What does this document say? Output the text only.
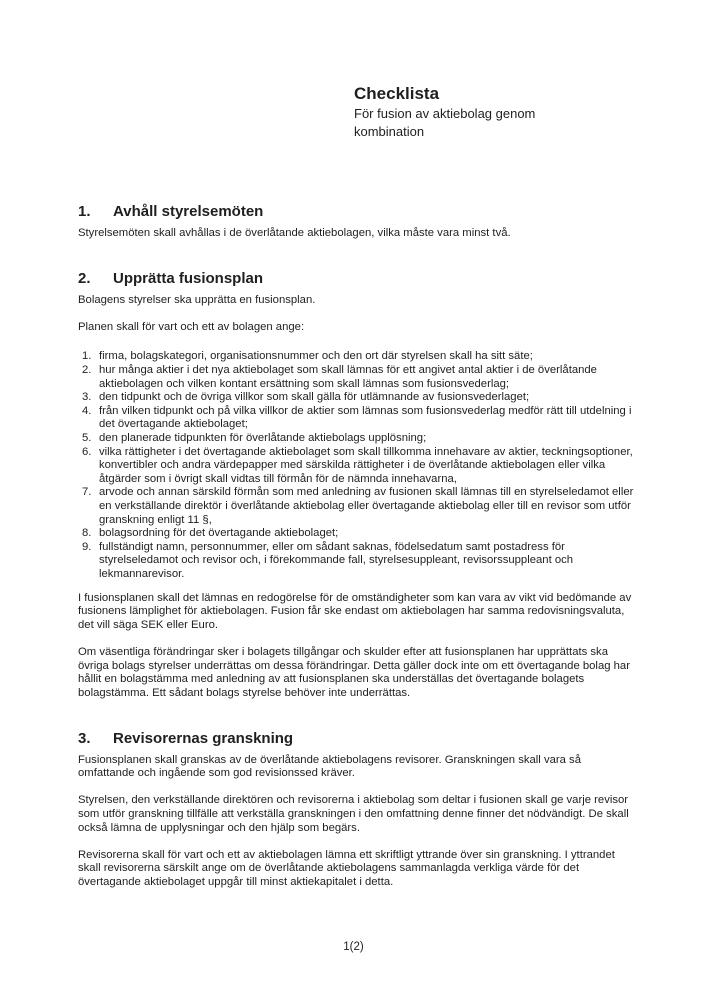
Checklista
För fusion av aktiebolag genom
kombination
1. Avhåll styrelsemöten

Styrelsemöten skall avhållas i de överlåtande aktiebolagen, vilka måste vara minst två.

2. Upprätta fusionsplan

Bolagens styrelser ska upprätta en fusionsplan.

Planen skall för vart och ett av bolagen ange:

1. firma, bolagskategori, organisationsnummer och den ort där styrelsen skall ha sitt säte;
2. hur många aktier i det nya aktiebolaget som skall lämnas för ett angivet antal aktier i de överlåtande aktiebolagen och vilken kontant ersättning som skall lämnas som fusionsvederlag;
3. den tidpunkt och de övriga villkor som skall gälla för utlämnande av fusionsvederlaget;
4. från vilken tidpunkt och på vilka villkor de aktier som lämnas som fusionsvederlag medför rätt till utdelning i det övertagande aktiebolaget;
5. den planerade tidpunkten för överlåtande aktiebolags upplösning;
6. vilka rättigheter i det övertagande aktiebolaget som skall tillkomma innehavare av aktier, teckningsoptioner, konvertibler och andra värdepapper med särskilda rättigheter i de överlåtande aktiebolagen eller vilka åtgärder som i övrigt skall vidtas till förmån för de nämnda innehavarna,
7. arvode och annan särskild förmån som med anledning av fusionen skall lämnas till en styrelseledamot eller en verkställande direktör i överlåtande aktiebolag eller övertagande aktiebolag eller till en revisor som utför granskning enligt 11 §,
8. bolagsordning för det övertagande aktiebolaget;
9. fullständigt namn, personnummer, eller om sådant saknas, födelsedatum samt postadress för styrelseledamot och revisor och, i förekommande fall, styrelsesuppleant, revisorssuppleant och lekmannarevisor.

I fusionsplanen skall det lämnas en redogörelse för de omständigheter som kan vara av vikt vid bedömande av fusionens lämplighet för aktiebolagen. Fusion får ske endast om aktiebolagen har samma redovisningsvaluta, det vill säga SEK eller Euro.

Om väsentliga förändringar sker i bolagets tillgångar och skulder efter att fusionsplanen har upprättats ska övriga bolags styrelser underrättas om dessa förändringar. Detta gäller dock inte om ett övertagande bolag har hållit en bolagstämma med anledning av att fusionsplanen ska underställas det övertagande bolagets bolagstämma. Ett sådant bolags styrelse behöver inte underrättas.

3. Revisorernas granskning

Fusionsplanen skall granskas av de överlåtande aktiebolagens revisorer. Granskningen skall vara så omfattande och ingående som god revisionssed kräver.

Styrelsen, den verkställande direktören och revisorerna i aktiebolag som deltar i fusionen skall ge varje revisor som utför granskning tillfälle att verkställa granskningen i den omfattning denne finner det nödvändigt. De skall också lämna de upplysningar och den hjälp som begärs.

Revisorerna skall för vart och ett av aktiebolagen lämna ett skriftligt yttrande över sin granskning. I yttrandet skall revisorerna särskilt ange om de överlåtande aktiebolagens sammanlagda verkliga värde för det övertagande aktiebolaget uppgår till minst aktiekapitalet i detta.

1(2)
